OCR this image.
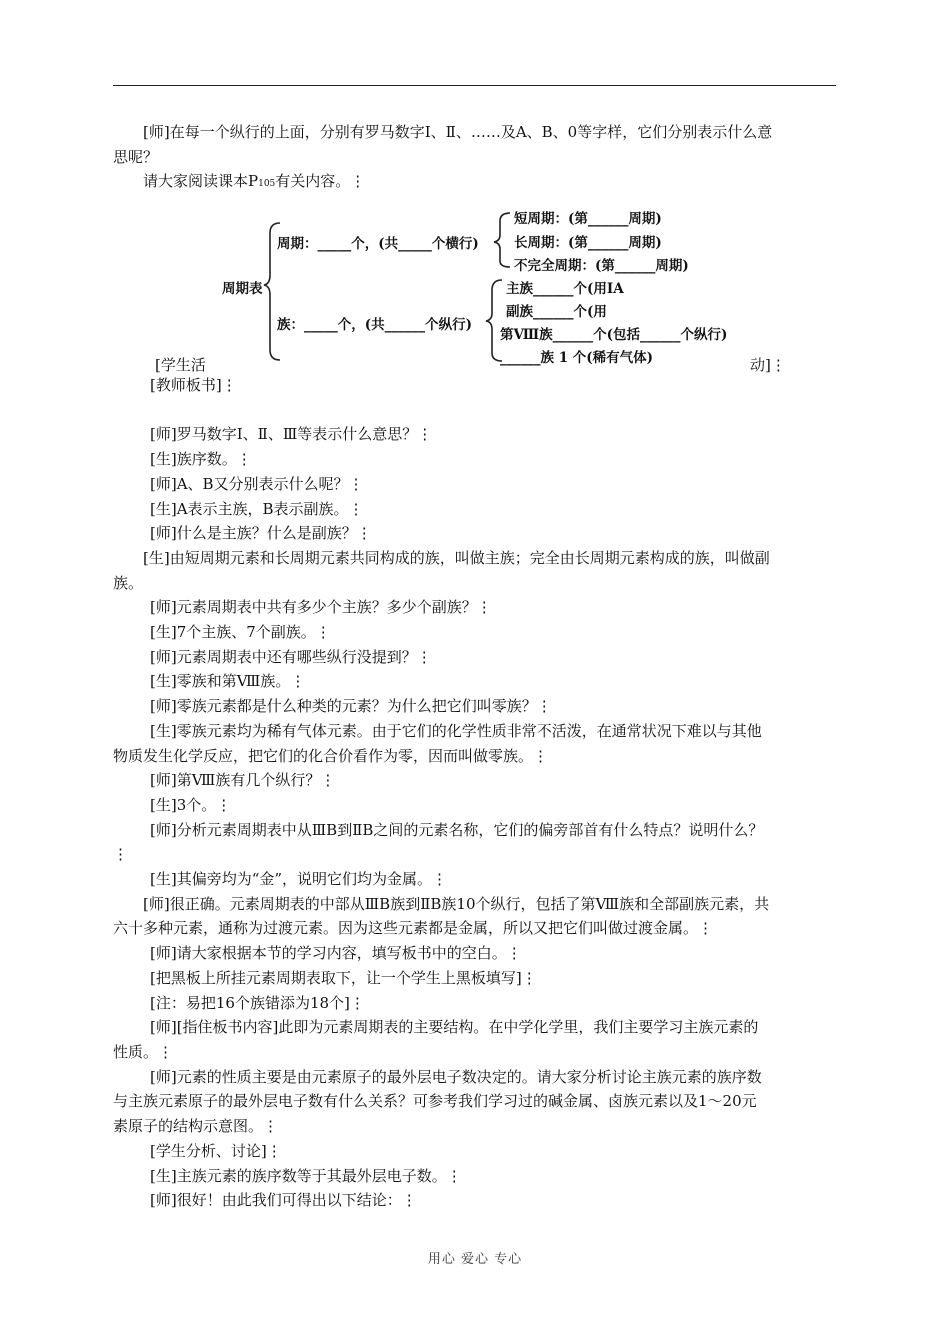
[师]在每一个纵行的上面，分别有罗马数字Ⅰ、Ⅱ、……及A、B、0等字样，它们分别表示什么意
思呢？
请大家阅读课本P105有关内容。⋮
周期表
周期：_____个，(共_____个横行)
短周期：(第______周期)
长周期：(第______周期)
不完全周期：(第______周期)
族：_____个，(共______个纵行)
主族______个(用ⅠA
副族______个(用
第Ⅷ族______个(包括______个纵行)
______族 1 个(稀有气体)
[学生活	动]⋮
[教师板书]⋮

[师]罗马数字Ⅰ、Ⅱ、Ⅲ等表示什么意思？⋮
[生]族序数。⋮
[师]A、B又分别表示什么呢？⋮
[生]A表示主族，B表示副族。⋮
[师]什么是主族？什么是副族？⋮
[生]由短周期元素和长周期元素共同构成的族，叫做主族；完全由长周期元素构成的族，叫做副
族。
[师]元素周期表中共有多少个主族？多少个副族？⋮
[生]7个主族、7个副族。⋮
[师]元素周期表中还有哪些纵行没提到？⋮
[生]零族和第Ⅷ族。⋮
[师]零族元素都是什么种类的元素？为什么把它们叫零族？⋮
[生]零族元素均为稀有气体元素。由于它们的化学性质非常不活泼，在通常状况下难以与其他
物质发生化学反应，把它们的化合价看作为零，因而叫做零族。⋮
[师]第Ⅷ族有几个纵行？⋮
[生]3个。⋮
[师]分析元素周期表中从ⅢB到ⅡB之间的元素名称，它们的偏旁部首有什么特点？说明什么？
⋮
[生]其偏旁均为“金”，说明它们均为金属。⋮
[师]很正确。元素周期表的中部从ⅢB族到ⅡB族10个纵行，包括了第Ⅷ族和全部副族元素，共
六十多种元素，通称为过渡元素。因为这些元素都是金属，所以又把它们叫做过渡金属。⋮
[师]请大家根据本节的学习内容，填写板书中的空白。⋮
[把黑板上所挂元素周期表取下，让一个学生上黑板填写]⋮
[注：易把16个族错添为18个]⋮
[师][指住板书内容]此即为元素周期表的主要结构。在中学化学里，我们主要学习主族元素的
性质。⋮
[师]元素的性质主要是由元素原子的最外层电子数决定的。请大家分析讨论主族元素的族序数
与主族元素原子的最外层电子数有什么关系？可参考我们学习过的碱金属、卤族元素以及1～20元
素原子的结构示意图。⋮
[学生分析、讨论]⋮
[生]主族元素的族序数等于其最外层电子数。⋮
[师]很好！由此我们可得出以下结论：⋮
用心 爱心 专心
